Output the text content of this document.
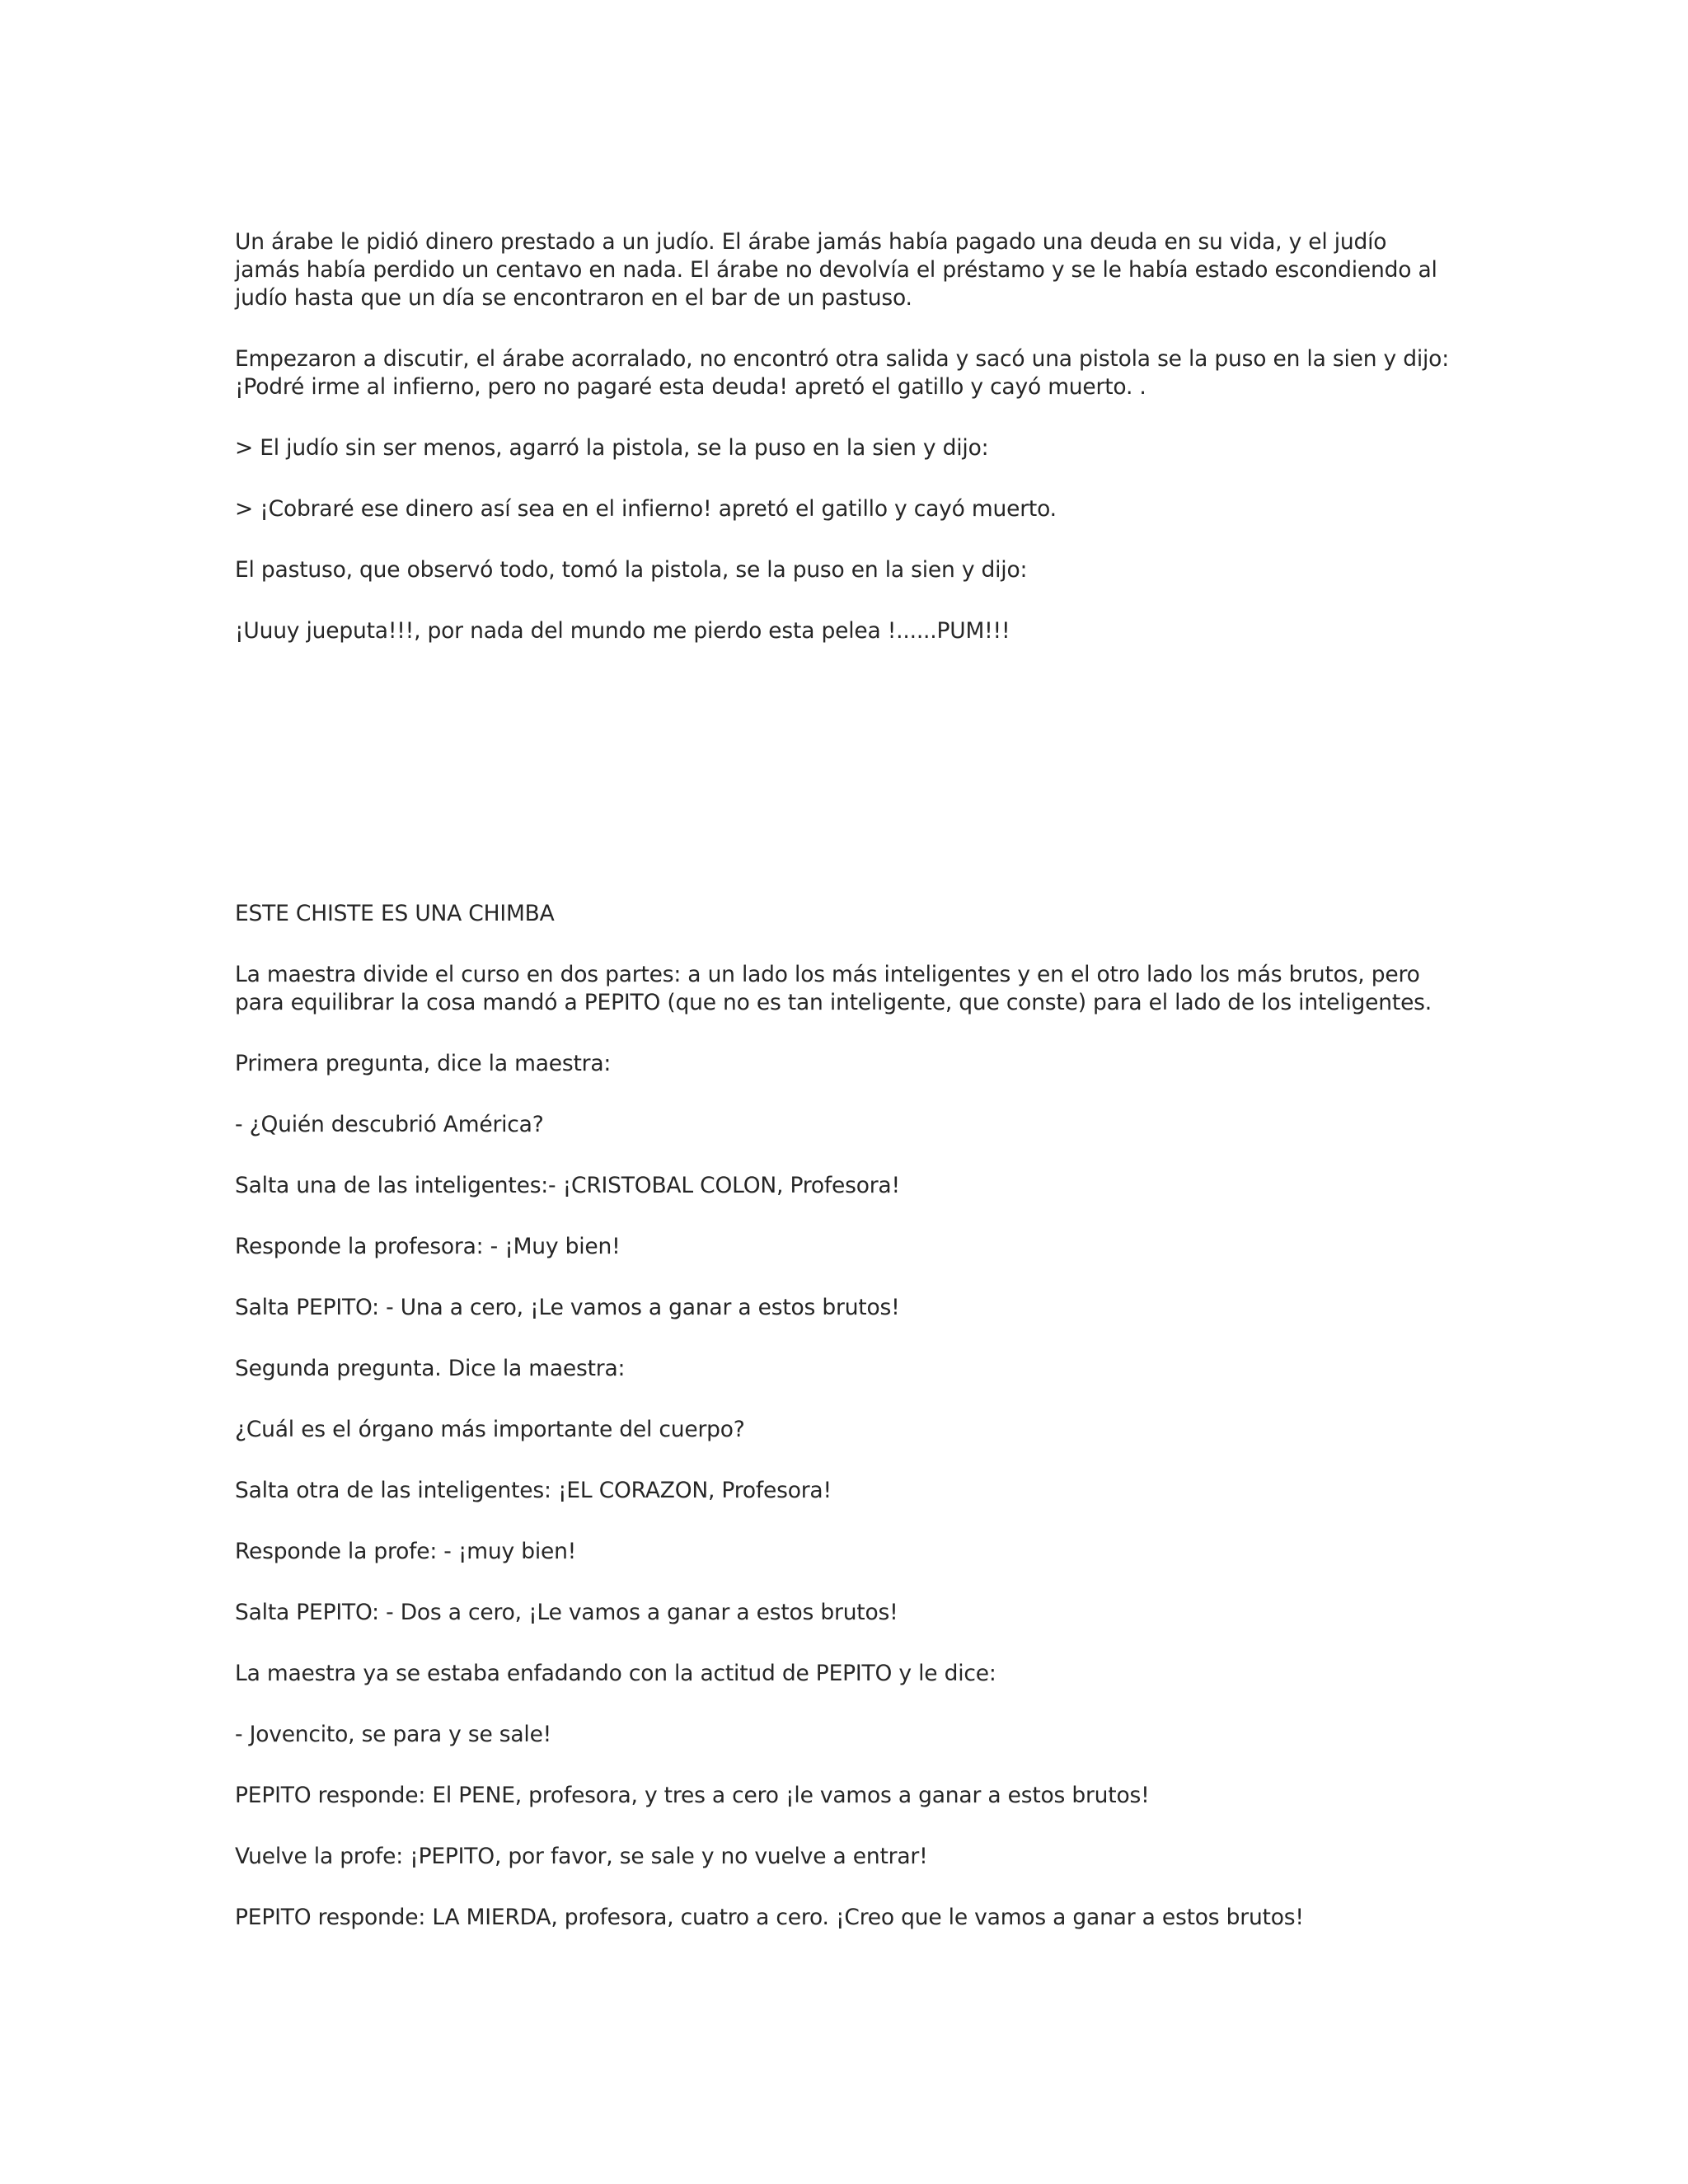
Un árabe le pidió dinero prestado a un judío. El árabe jamás había pagado una deuda en su vida, y el judío jamás había perdido un centavo en nada. El árabe no devolvía el préstamo y se le había estado escondiendo al judío hasta que un día se encontraron en el bar de un pastuso.

Empezaron a discutir, el árabe acorralado, no encontró otra salida y sacó una pistola se la puso en la sien y dijo: ¡Podré irme al infierno, pero no pagaré esta deuda! apretó el gatillo y cayó muerto. .

> El judío sin ser menos, agarró la pistola, se la puso en la sien y dijo:

> ¡Cobraré ese dinero así sea en el infierno! apretó el gatillo y cayó muerto.

El pastuso, que observó todo, tomó la pistola, se la puso en la sien y dijo:

¡Uuuy jueputa!!!, por nada del mundo me pierdo esta pelea !......PUM!!!

ESTE CHISTE ES UNA CHIMBA

La maestra divide el curso en dos partes: a un lado los más inteligentes y en el otro lado los más brutos, pero para equilibrar la cosa mandó a PEPITO (que no es tan inteligente, que conste) para el lado de los inteligentes.

Primera pregunta, dice la maestra:

- ¿Quién descubrió América?

Salta una de las inteligentes:- ¡CRISTOBAL COLON, Profesora!

Responde la profesora: - ¡Muy bien!

Salta PEPITO: - Una a cero, ¡Le vamos a ganar a estos brutos!

Segunda pregunta. Dice la maestra:

¿Cuál es el órgano más importante del cuerpo?

Salta otra de las inteligentes: ¡EL CORAZON, Profesora!

Responde la profe: - ¡muy bien!

Salta PEPITO: - Dos a cero, ¡Le vamos a ganar a estos brutos!

La maestra ya se estaba enfadando con la actitud de PEPITO y le dice:

- Jovencito, se para y se sale!

PEPITO responde: El PENE, profesora, y tres a cero ¡le vamos a ganar a estos brutos!

Vuelve la profe: ¡PEPITO, por favor, se sale y no vuelve a entrar!

PEPITO responde: LA MIERDA, profesora, cuatro a cero. ¡Creo que le vamos a ganar a estos brutos!
